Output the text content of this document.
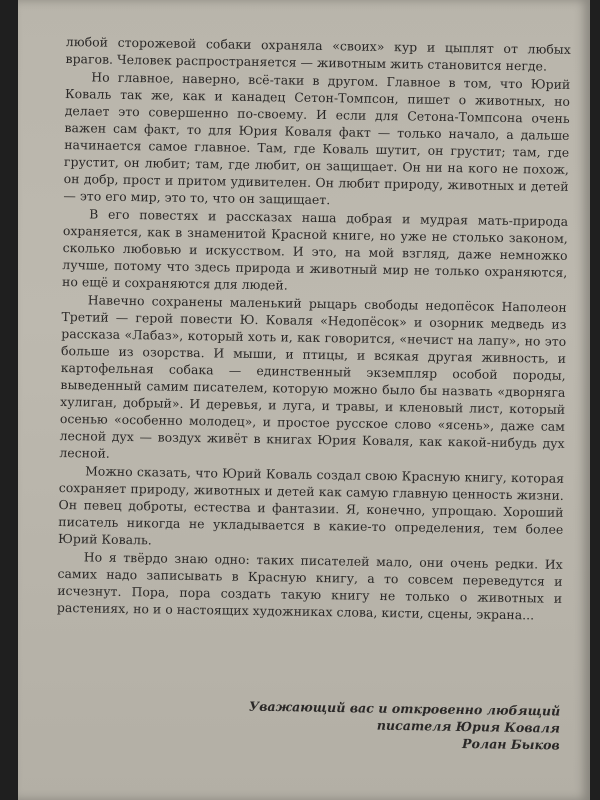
любой сторожевой собаки охраняла «своих» кур и цыплят от любых врагов. Человек распространяется — животным жить становится негде.

Но главное, наверно, всё-таки в другом. Главное в том, что Юрий Коваль так же, как и канадец Сетон-Томпсон, пишет о животных, но делает это совершенно по-своему. И если для Сетона-Томпсона очень важен сам факт, то для Юрия Коваля факт — только начало, а дальше начинается самое главное. Там, где Коваль шутит, он грустит; там, где грустит, он любит; там, где любит, он защищает. Он ни на кого не похож, он добр, прост и притом удивителен. Он любит природу, животных и детей — это его мир, это то, что он защищает.

В его повестях и рассказах наша добрая и мудрая мать-природа охраняется, как в знаменитой Красной книге, но уже не столько законом, сколько любовью и искусством. И это, на мой взгляд, даже немножко лучше, потому что здесь природа и животный мир не только охраняются, но ещё и сохраняются для людей.

Навечно сохранены маленький рыцарь свободы недопёсок Наполеон Третий — герой повести Ю. Коваля «Недопёсок» и озорник медведь из рассказа «Лабаз», который хоть и, как говорится, «нечист на лапу», но это больше из озорства. И мыши, и птицы, и всякая другая живность, и картофельная собака — единственный экземпляр особой породы, выведенный самим писателем, которую можно было бы назвать «дворняга хулиган, добрый». И деревья, и луга, и травы, и кленовый лист, который осенью «особенно молодец», и простое русское слово «ясень», даже сам лесной дух — воздух живёт в книгах Юрия Коваля, как какой-нибудь дух лесной.

Можно сказать, что Юрий Коваль создал свою Красную книгу, которая сохраняет природу, животных и детей как самую главную ценность жизни. Он певец доброты, естества и фантазии. Я, конечно, упрощаю. Хороший писатель никогда не укладывается в какие-то определения, тем более Юрий Коваль.

Но я твёрдо знаю одно: таких писателей мало, они очень редки. Их самих надо записывать в Красную книгу, а то совсем переведутся и исчезнут. Пора, пора создать такую книгу не только о животных и растениях, но и о настоящих художниках слова, кисти, сцены, экрана...

Уважающий вас и откровенно любящий
писателя Юрия Коваля
Ролан Быков
